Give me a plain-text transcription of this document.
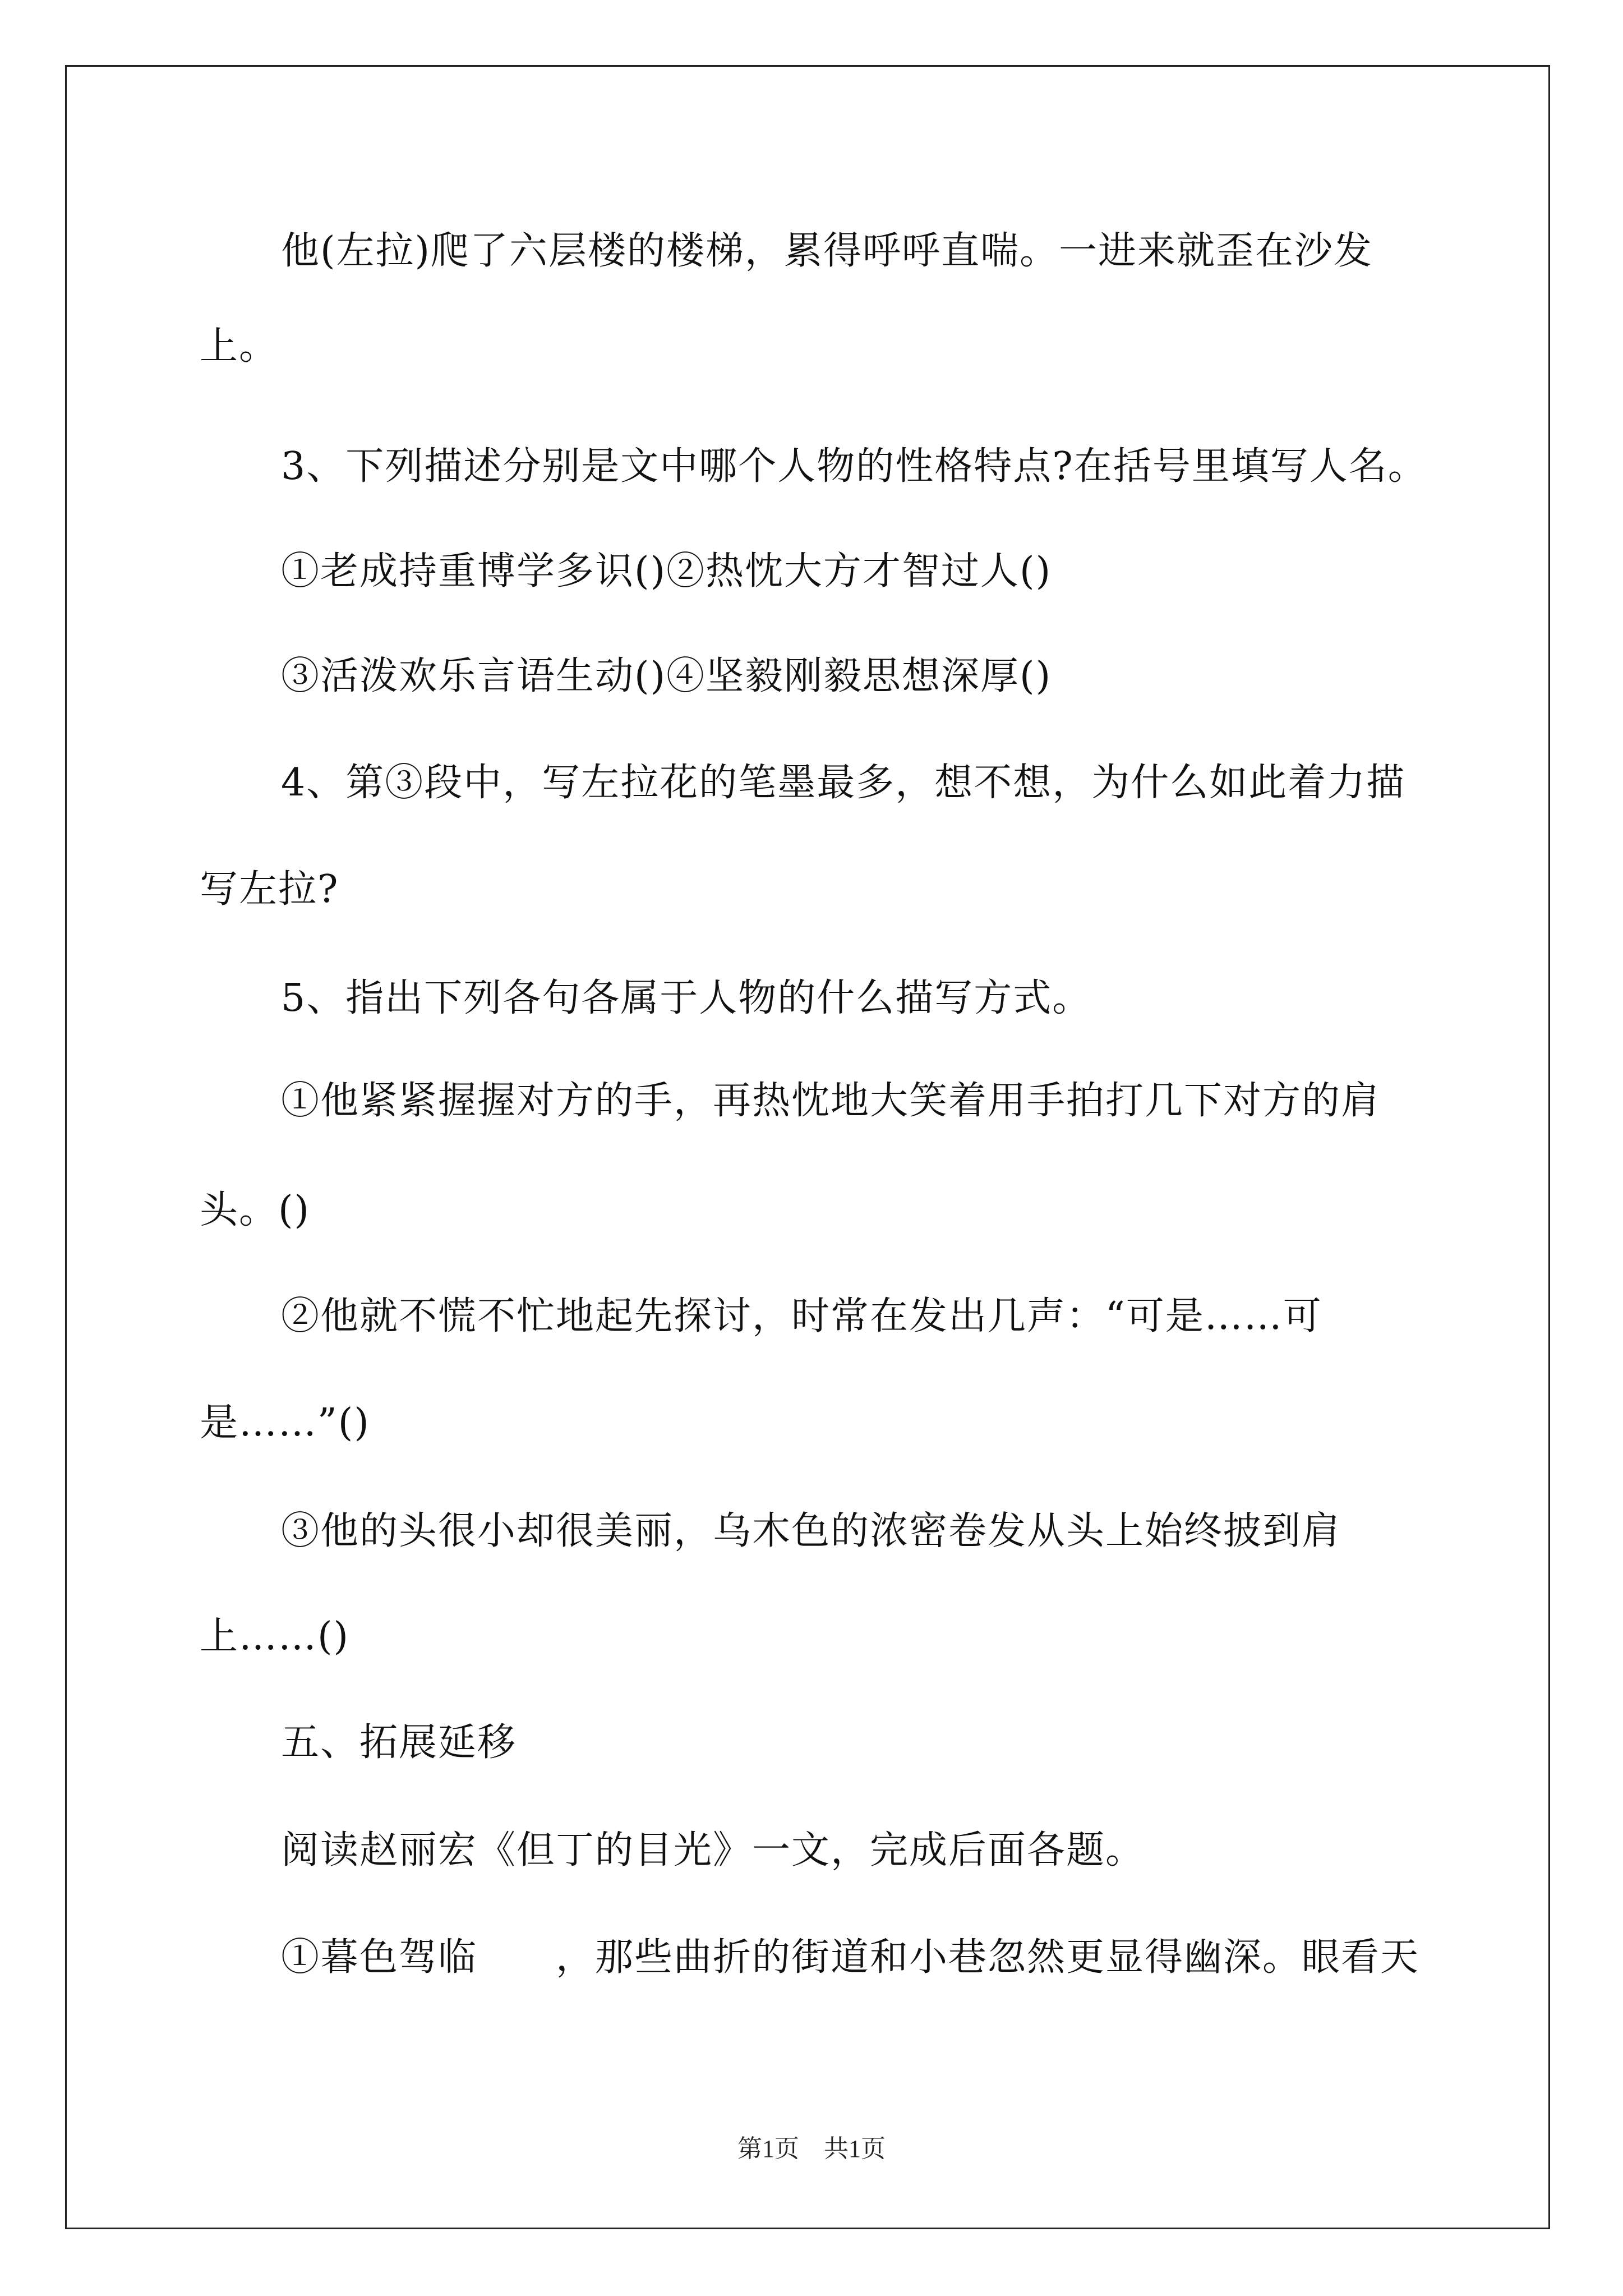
他(左拉)爬了六层楼的楼梯，累得呼呼直喘。一进来就歪在沙发
上。
3、下列描述分别是文中哪个人物的性格特点?在括号里填写人名。
①老成持重博学多识()②热忱大方才智过人()
③活泼欢乐言语生动()④坚毅刚毅思想深厚()
4、第③段中，写左拉花的笔墨最多，想不想，为什么如此着力描
写左拉?
5、指出下列各句各属于人物的什么描写方式。
①他紧紧握握对方的手，再热忱地大笑着用手拍打几下对方的肩
头。()
②他就不慌不忙地起先探讨，时常在发出几声：“可是……可
是……”()
③他的头很小却很美丽，乌木色的浓密卷发从头上始终披到肩
上……()
五、拓展延移
阅读赵丽宏《但丁的目光》一文，完成后面各题。
①暮色驾临　　，那些曲折的街道和小巷忽然更显得幽深。眼看天
第1页　共1页
